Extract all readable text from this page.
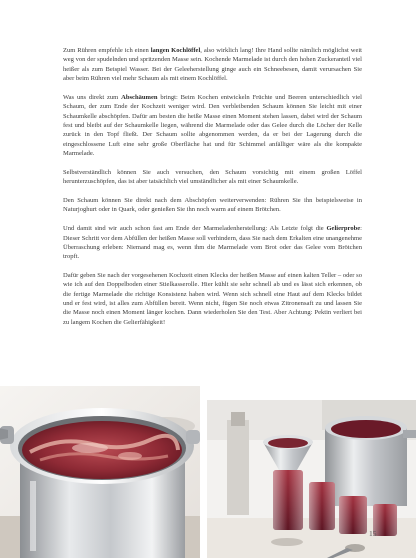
Zum Rühren empfehle ich einen langen Kochlöffel, also wirklich lang! Ihre Hand sollte nämlich möglichst weit weg von der spudelnden und spritzenden Masse sein. Kochende Marmelade ist durch den hohen Zuckeranteil viel heißer als zum Beispiel Wasser. Bei der Geleeherstellung ginge auch ein Schneebesen, damit verursachen Sie aber beim Rühren viel mehr Schaum als mit einem Kochlöffel.

Was uns direkt zum Abschäumen bringt: Beim Kochen entwickeln Früchte und Beeren unterschiedlich viel Schaum, der zum Ende der Kochzeit weniger wird. Den verbleibenden Schaum können Sie leicht mit einer Schaumkelle abschöpfen. Dafür am besten die heiße Masse einen Moment stehen lassen, dabei wird der Schaum fest und bleibt auf der Schaumkelle liegen, während die Marmelade oder das Gelee durch die Löcher der Kelle zurück in den Topf fließt. Der Schaum sollte abgenommen werden, da er bei der Lagerung durch die eingeschlossene Luft eine sehr große Oberfläche hat und für Schimmel anfälliger wäre als die kompakte Marmelade.

Selbstverständlich können Sie auch versuchen, den Schaum vorsichtig mit einem großen Löffel herunterzuschöpfen, das ist aber tatsächlich viel umständlicher als mit einer Schaumkelle.

Den Schaum können Sie direkt nach dem Abschöpfen weiterverwenden: Rühren Sie ihn beispielsweise in Naturjoghurt oder in Quark, oder genießen Sie ihn noch warm auf einem Brötchen.

Und damit sind wir auch schon fast am Ende der Marmeladenherstellung: Als Letzte folgt die Gelierprobe: Dieser Schritt vor dem Abfüllen der heißen Masse soll verhindern, dass Sie nach dem Erkalten eine unangenehme Überraschung erleben: Niemand mag es, wenn ihm die Marmelade vom Brot oder das Gelee vom Brötchen tropft.

Dafür geben Sie nach der vorgesehenen Kochzeit einen Klecks der heißen Masse auf einen kalten Teller – oder so wie ich auf den Doppelboden einer Stielkasserolle. Hier kühlt sie sehr schnell ab und es lässt sich erkennen, ob die fertige Marmelade die richtige Konsistenz haben wird. Wenn sich schnell eine Haut auf dem Klecks bildet und er fest wird, ist alles zum Abfüllen bereit. Wenn nicht, fügen Sie noch etwas Zitronensaft zu und lassen Sie die Masse noch einen Moment länger kochen. Dann wiederholen Sie den Test. Aber Achtung: Pektin verliert bei zu langem Kochen die Gelierfähigkeit!

15
